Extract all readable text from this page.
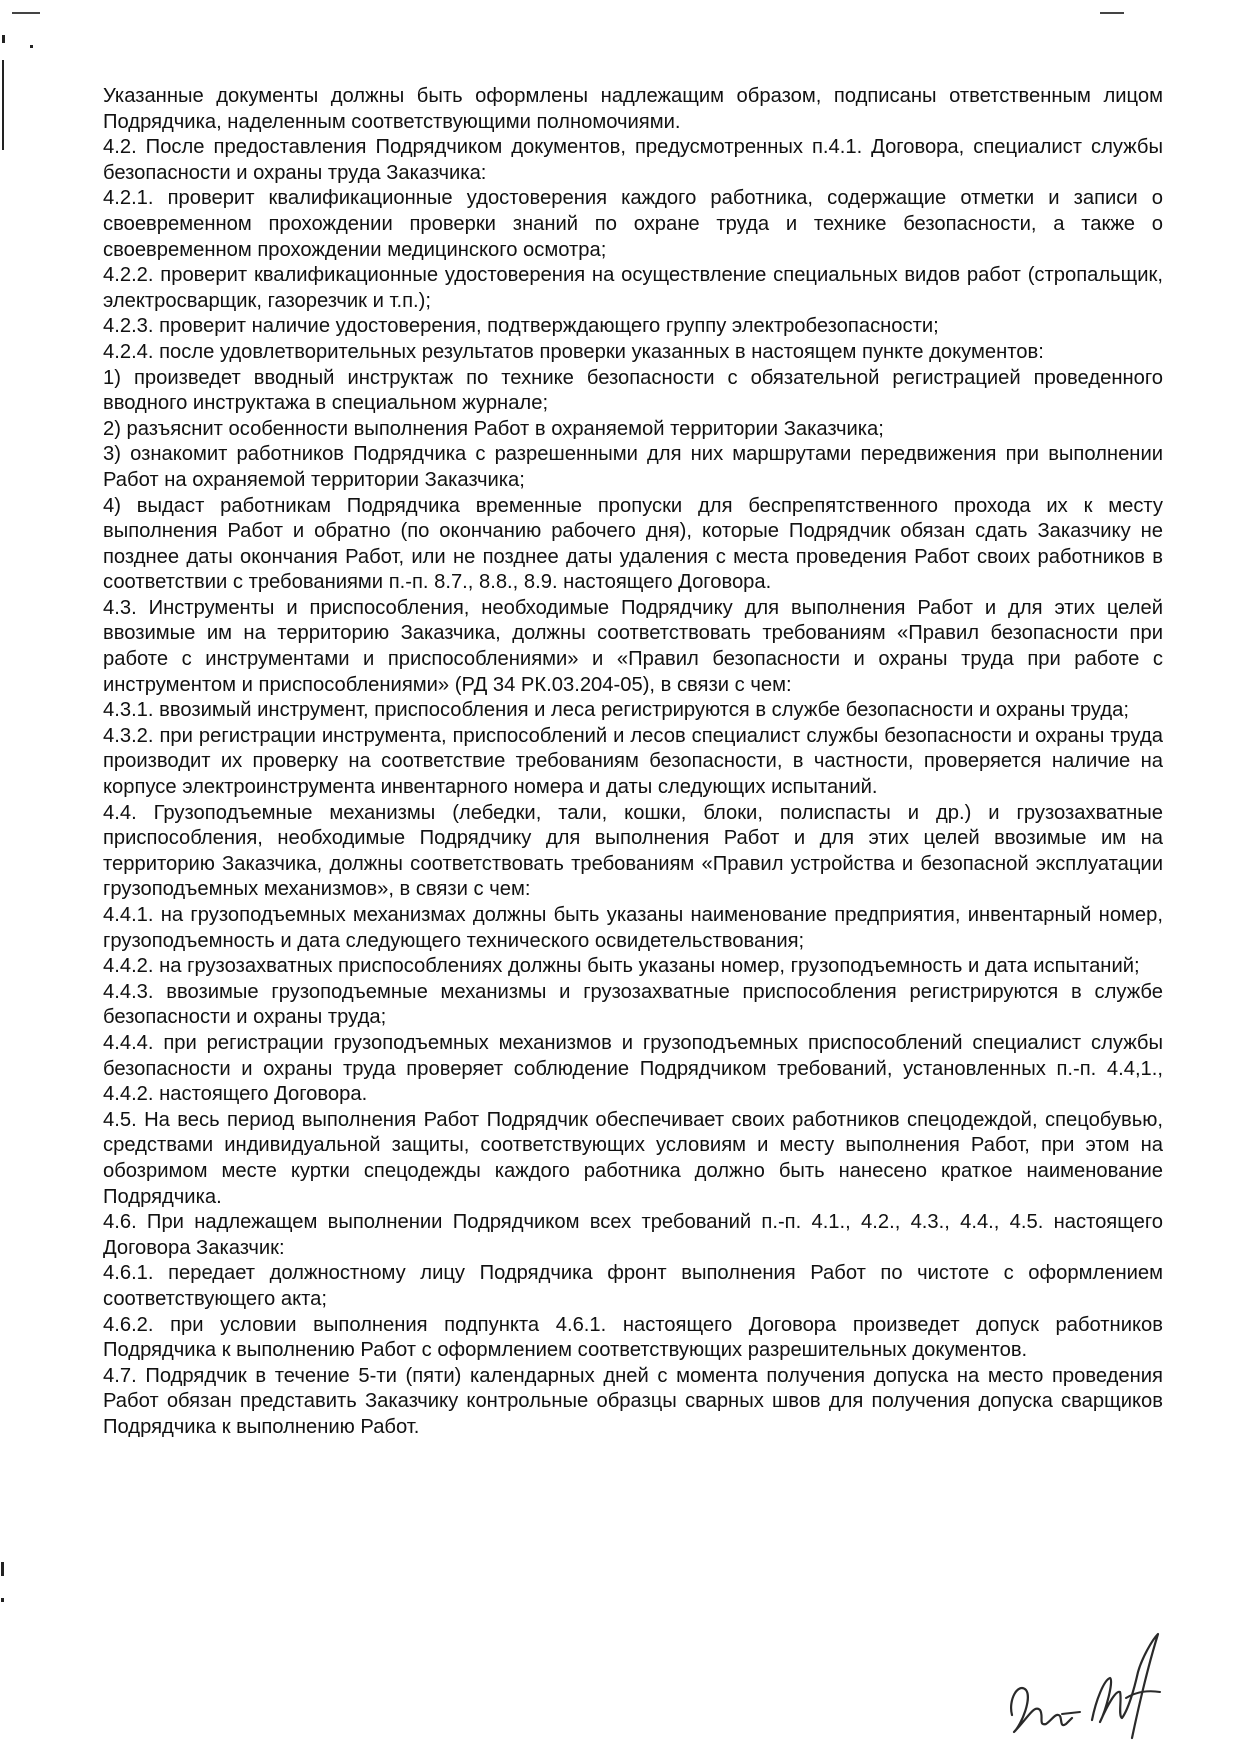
Указанные документы должны быть оформлены надлежащим образом, подписаны ответственным лицом Подрядчика, наделенным соответствующими полномочиями.

4.2. После предоставления Подрядчиком документов, предусмотренных п.4.1. Договора, специалист службы безопасности и охраны труда Заказчика:

4.2.1. проверит квалификационные удостоверения каждого работника, содержащие отметки и записи о своевременном прохождении проверки знаний по охране труда и технике безопасности, а также о своевременном прохождении медицинского осмотра;

4.2.2. проверит квалификационные удостоверения на осуществление специальных видов работ (стропальщик, электросварщик, газорезчик и т.п.);

4.2.3. проверит наличие удостоверения, подтверждающего группу электробезопасности;

4.2.4. после удовлетворительных результатов проверки указанных в настоящем пункте документов:

1) произведет вводный инструктаж по технике безопасности с обязательной регистрацией проведенного вводного инструктажа в специальном журнале;

2) разъяснит особенности выполнения Работ в охраняемой территории Заказчика;

3) ознакомит работников Подрядчика с разрешенными для них маршрутами передвижения при выполнении Работ на охраняемой территории Заказчика;

4) выдаст работникам Подрядчика временные пропуски для беспрепятственного прохода их к месту выполнения Работ и обратно (по окончанию рабочего дня), которые Подрядчик обязан сдать Заказчику не позднее даты окончания Работ, или не позднее даты удаления с места проведения Работ своих работников в соответствии с требованиями п.-п. 8.7., 8.8., 8.9. настоящего Договора.

4.3. Инструменты и приспособления, необходимые Подрядчику для выполнения Работ и для этих целей ввозимые им на территорию Заказчика, должны соответствовать требованиям «Правил безопасности при работе с инструментами и приспособлениями» и «Правил безопасности и охраны труда при работе с инструментом и приспособлениями» (РД 34 РК.03.204-05), в связи с чем:

4.3.1. ввозимый инструмент, приспособления и леса регистрируются в службе безопасности и охраны труда;

4.3.2. при регистрации инструмента, приспособлений и лесов специалист службы безопасности и охраны труда производит их проверку на соответствие требованиям безопасности, в частности, проверяется наличие на корпусе электроинструмента инвентарного номера и даты следующих испытаний.

4.4. Грузоподъемные механизмы (лебедки, тали, кошки, блоки, полиспасты и др.) и грузозахватные приспособления, необходимые Подрядчику для выполнения Работ и для этих целей ввозимые им на территорию Заказчика, должны соответствовать требованиям «Правил устройства и безопасной эксплуатации грузоподъемных механизмов», в связи с чем:

4.4.1. на грузоподъемных механизмах должны быть указаны наименование предприятия, инвентарный номер, грузоподъемность и дата следующего технического освидетельствования;

4.4.2. на грузозахватных приспособлениях должны быть указаны номер, грузоподъемность и дата испытаний;

4.4.3. ввозимые грузоподъемные механизмы и грузозахватные приспособления регистрируются в службе безопасности и охраны труда;

4.4.4. при регистрации грузоподъемных механизмов и грузоподъемных приспособлений специалист службы безопасности и охраны труда проверяет соблюдение Подрядчиком требований, установленных п.-п. 4.4,1., 4.4.2. настоящего Договора.

4.5. На весь период выполнения Работ Подрядчик обеспечивает своих работников спецодеждой, спецобувью, средствами индивидуальной защиты, соответствующих условиям и месту выполнения Работ, при этом на обозримом месте куртки спецодежды каждого работника должно быть нанесено краткое наименование Подрядчика.

4.6. При надлежащем выполнении Подрядчиком всех требований п.-п. 4.1., 4.2., 4.3., 4.4., 4.5. настоящего Договора Заказчик:

4.6.1. передает должностному лицу Подрядчика фронт выполнения Работ по чистоте с оформлением соответствующего акта;

4.6.2. при условии выполнения подпункта 4.6.1. настоящего Договора произведет допуск работников Подрядчика к выполнению Работ с оформлением соответствующих разрешительных документов.

4.7. Подрядчик в течение 5-ти (пяти) календарных дней с момента получения допуска на место проведения Работ обязан представить Заказчику контрольные образцы сварных швов для получения допуска сварщиков Подрядчика к выполнению Работ.
